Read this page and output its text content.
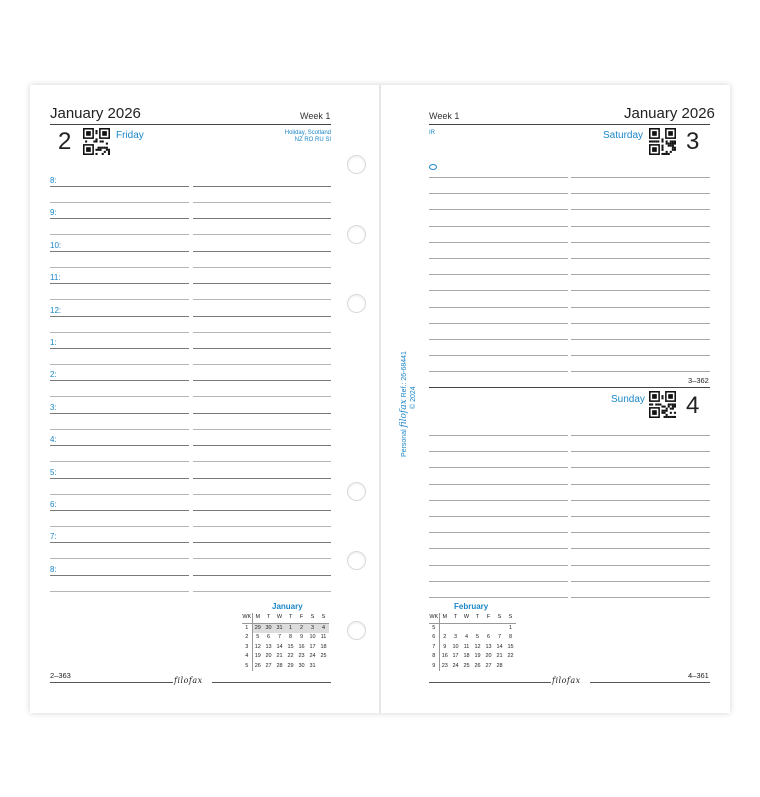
January 2026	Week 1
2	Friday	Holiday, Scotland
NZ RO RU SI
8:
9:
10:
11:
12:
1:
2:
3:
4:
5:
6:
7:
8:
January
WK	M	T	W	T	F	S	S
1	29	30	31	1	2	3	4
2	5	6	7	8	9	10	11
3	12	13	14	15	16	17	18
4	19	20	21	22	23	24	25
5	26	27	28	29	30	31	
2–363
filofax
Week 1	January 2026
IR	Saturday 3
3–362
Sunday 4
February
WK	M	T	W	T	F	S	S
5							1
6	2	3	4	5	6	7	8
7	9	10	11	12	13	14	15
8	16	17	18	19	20	21	22
9	23	24	25	26	27	28	
filofax
4–361
Personal filofax Ref.: 26-68441
© 2024
